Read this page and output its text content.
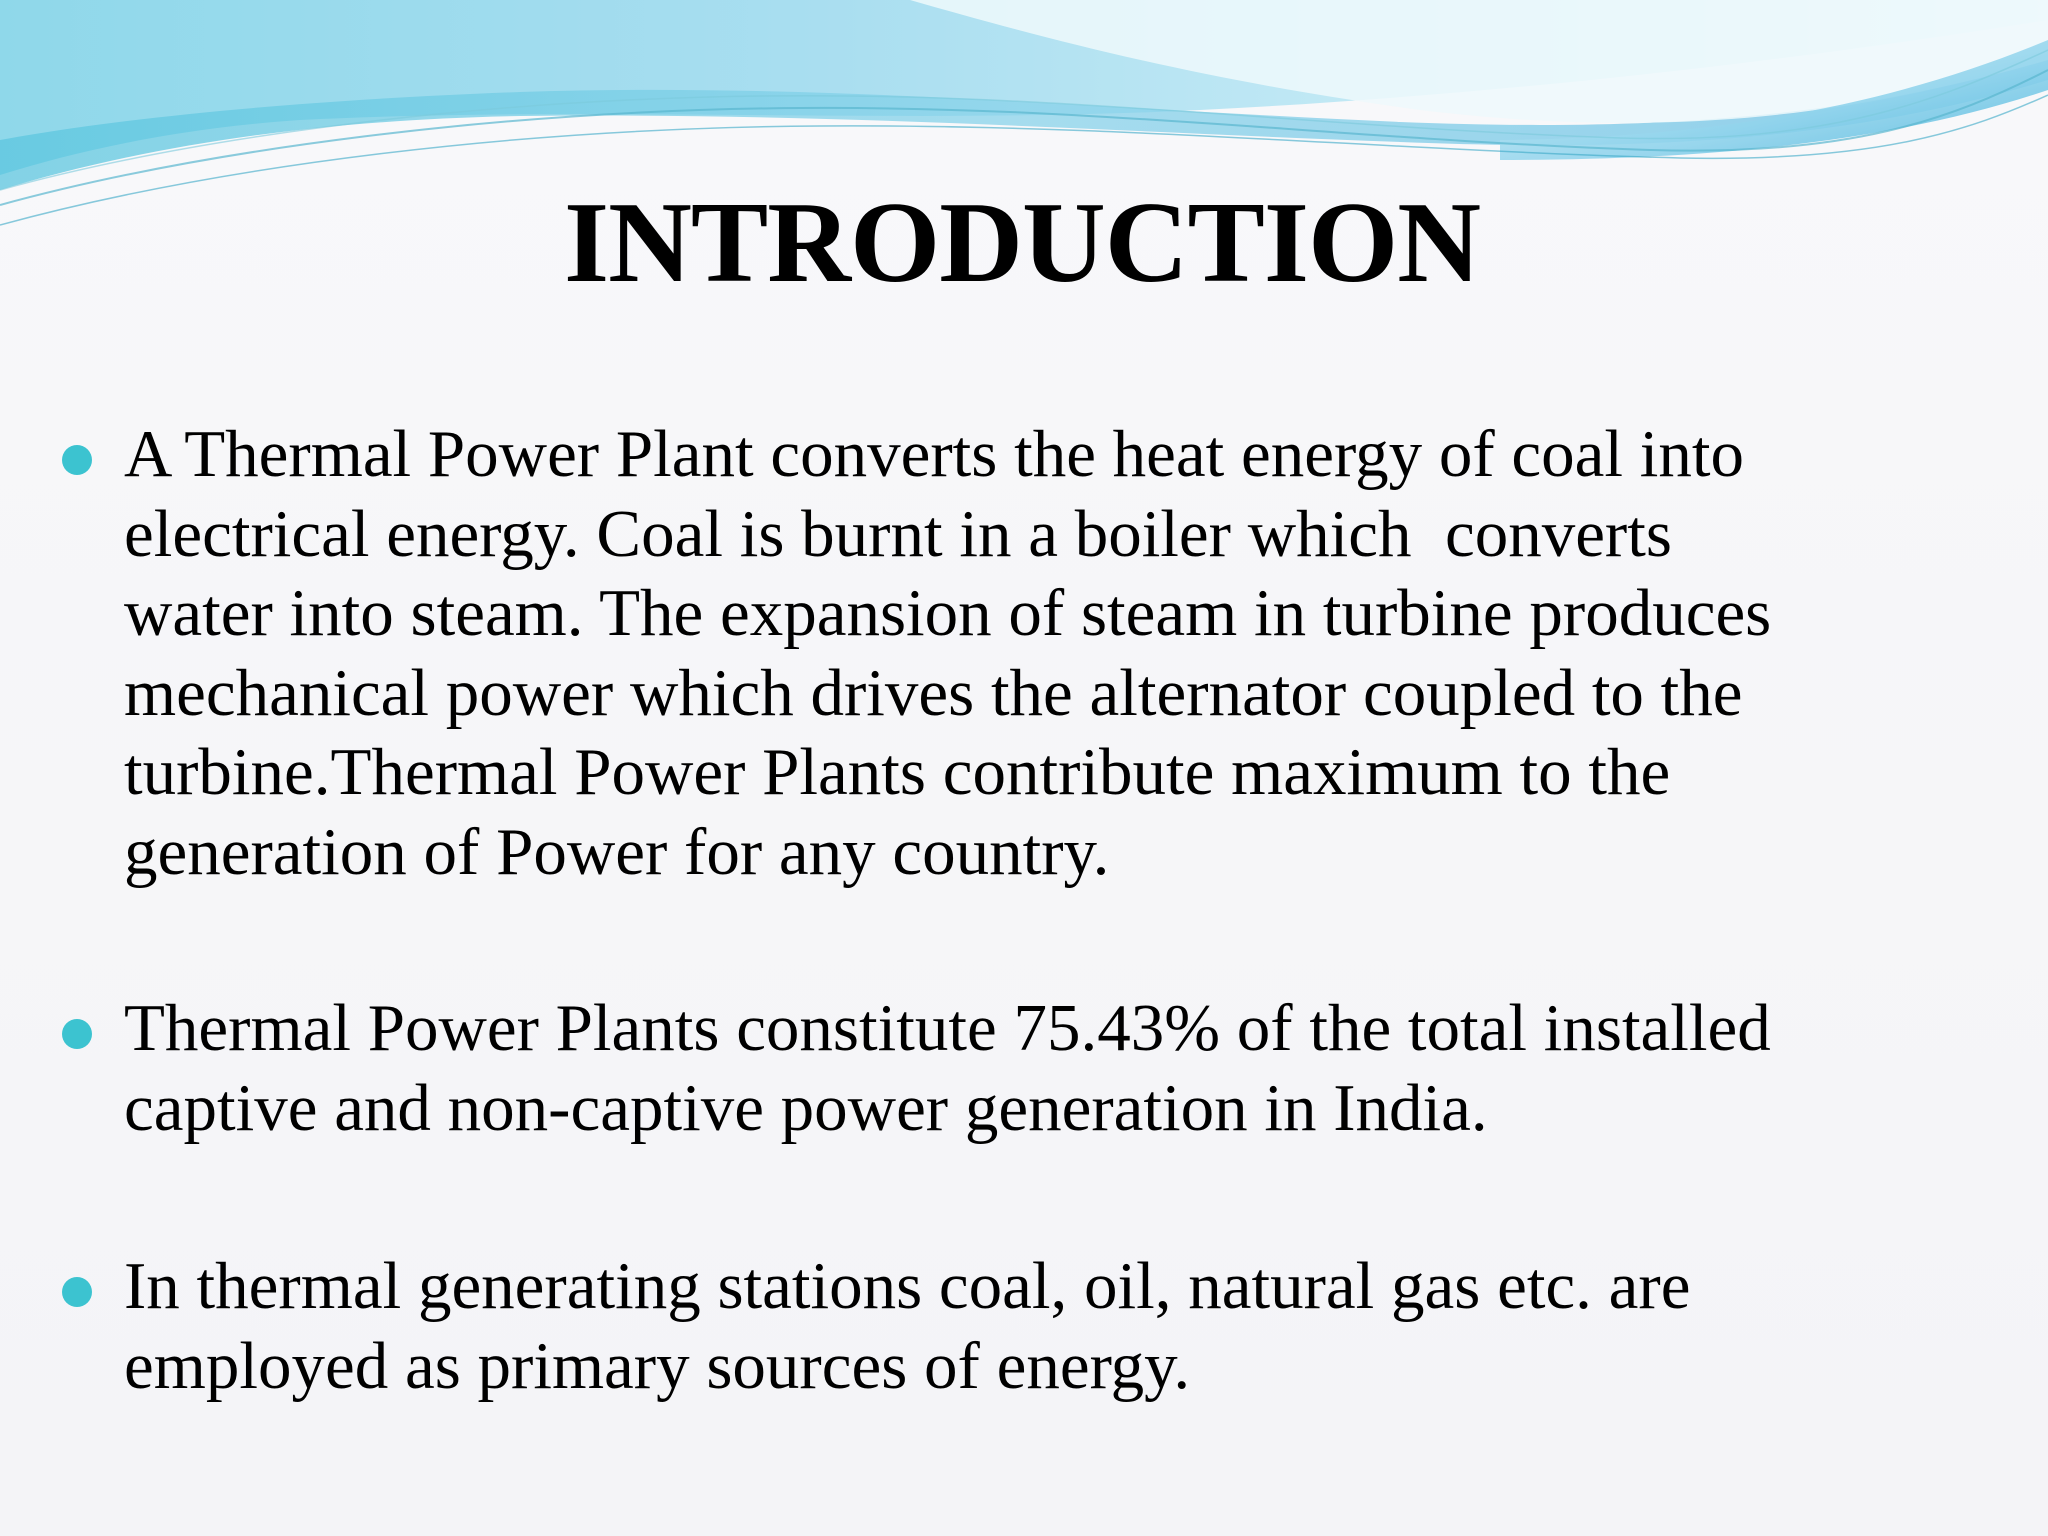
INTRODUCTION

A Thermal Power Plant converts the heat energy of coal into
electrical energy. Coal is burnt in a boiler which  converts
water into steam. The expansion of steam in turbine produces
mechanical power which drives the alternator coupled to the
turbine.Thermal Power Plants contribute maximum to the
generation of Power for any country.

Thermal Power Plants constitute 75.43% of the total installed
captive and non-captive power generation in India.

In thermal generating stations coal, oil, natural gas etc. are
employed as primary sources of energy.
